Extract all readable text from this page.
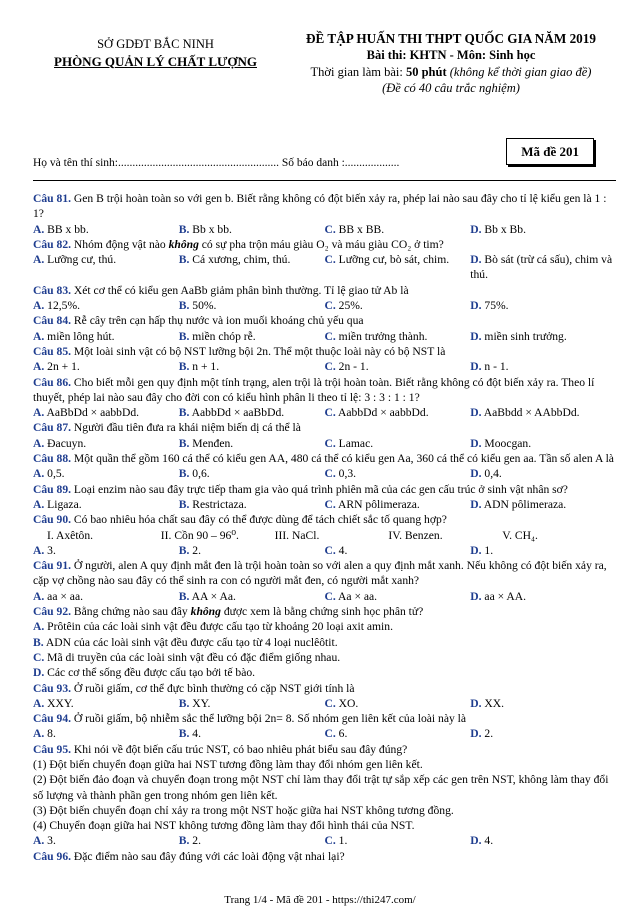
SỞ GDĐT BẮC NINH
PHÒNG QUẢN LÝ CHẤT LƯỢNG
ĐỀ TẬP HUẤN THI THPT QUỐC GIA NĂM 2019
Bài thi: KHTN - Môn: Sinh học
Thời gian làm bài: 50 phút (không kể thời gian giao đề)
(Đề có 40 câu trắc nghiệm)
Họ và tên thí sinh:........................................................ Số báo danh :...................
Mã đề 201
Câu 81. Gen B trội hoàn toàn so với gen b. Biết rằng không có đột biến xảy ra, phép lai nào sau đây cho tỉ lệ kiểu gen là 1 : 1?
A. BB x bb.	B. Bb x bb.	C. BB x BB.	D. Bb x Bb.
Câu 82. Nhóm động vật nào không có sự pha trộn máu giàu O₂ và máu giàu CO₂ ở tim?
A. Lưỡng cư, thú.	B. Cá xương, chim, thú.	C. Lưỡng cư, bò sát, chim.	D. Bò sát (trừ cá sấu), chim và thú.
Câu 83. Xét cơ thể có kiểu gen AaBb giảm phân bình thường. Tỉ lệ giao tử Ab là
A. 12,5%.	B. 50%.	C. 25%.	D. 75%.
Câu 84. Rễ cây trên cạn hấp thụ nước và ion muối khoáng chủ yếu qua
A. miền lông hút.	B. miền chóp rễ.	C. miền trưởng thành.	D. miền sinh trưởng.
Câu 85. Một loài sinh vật có bộ NST lưỡng bội 2n. Thể một thuộc loài này có bộ NST là
A. 2n + 1.	B. n + 1.	C. 2n - 1.	D. n - 1.
Câu 86. Cho biết mỗi gen quy định một tính trạng, alen trội là trội hoàn toàn. Biết rằng không có đột biến xảy ra. Theo lí thuyết, phép lai nào sau đây cho đời con có kiểu hình phân li theo tỉ lệ: 3 : 3 : 1 : 1?
A. AaBbDd × aabbDd.	B. AabbDd × aaBbDd.	C. AabbDd × aabbDd.	D. AaBbdd × AAbbDd.
Câu 87. Người đầu tiên đưa ra khái niệm biến dị cá thể là
A. Đacuyn.	B. Menđen.	C. Lamac.	D. Moocgan.
Câu 88. Một quần thể gồm 160 cá thể có kiểu gen AA, 480 cá thể có kiểu gen Aa, 360 cá thể có kiểu gen aa. Tần số alen A là
A. 0,5.	B. 0,6.	C. 0,3.	D. 0,4.
Câu 89. Loại enzim nào sau đây trực tiếp tham gia vào quá trình phiên mã của các gen cấu trúc ở sinh vật nhân sơ?
A. Ligaza.	B. Restrictaza.	C. ARN pôlimeraza.	D. ADN pôlimeraza.
Câu 90. Có bao nhiêu hóa chất sau đây có thể được dùng để tách chiết sắc tố quang hợp?
I. Axêtôn.	II. Cồn 90 – 96⁰.	III. NaCl.	IV. Benzen.	V. CH₄.
A. 3.	B. 2.	C. 4.	D. 1.
Câu 91. Ở người, alen A quy định mắt đen là trội hoàn toàn so với alen a quy định mắt xanh. Nếu không có đột biến xảy ra, cặp vợ chồng nào sau đây có thể sinh ra con có người mắt đen, có người mắt xanh?
A. aa × aa.	B. AA × Aa.	C. Aa × aa.	D. aa × AA.
Câu 92. Bằng chứng nào sau đây không được xem là bằng chứng sinh học phân tử?
A. Prôtêin của các loài sinh vật đều được cấu tạo từ khoảng 20 loại axit amin.
B. ADN của các loài sinh vật đều được cấu tạo từ 4 loại nuclêôtit.
C. Mã di truyền của các loài sinh vật đều có đặc điểm giống nhau.
D. Các cơ thể sống đều được cấu tạo bởi tế bào.
Câu 93. Ở ruồi giấm, cơ thể đực bình thường có cặp NST giới tính là
A. XXY.	B. XY.	C. XO.	D. XX.
Câu 94. Ở ruồi giấm, bộ nhiễm sắc thể lưỡng bội 2n= 8. Số nhóm gen liên kết của loài này là
A. 8.	B. 4.	C. 6.	D. 2.
Câu 95. Khi nói về đột biến cấu trúc NST, có bao nhiêu phát biểu sau đây đúng?
(1) Đột biến chuyển đoạn giữa hai NST tương đồng làm thay đổi nhóm gen liên kết.
(2) Đột biến đảo đoạn và chuyển đoạn trong một NST chỉ làm thay đổi trật tự sắp xếp các gen trên NST, không làm thay đổi số lượng và thành phần gen trong nhóm gen liên kết.
(3) Đột biến chuyển đoạn chỉ xảy ra trong một NST hoặc giữa hai NST không tương đồng.
(4) Chuyển đoạn giữa hai NST không tương đồng làm thay đổi hình thái của NST.
A. 3.	B. 2.	C. 1.	D. 4.
Câu 96. Đặc điểm nào sau đây đúng với các loài động vật nhai lại?
Trang 1/4 - Mã đề 201 - https://thi247.com/
